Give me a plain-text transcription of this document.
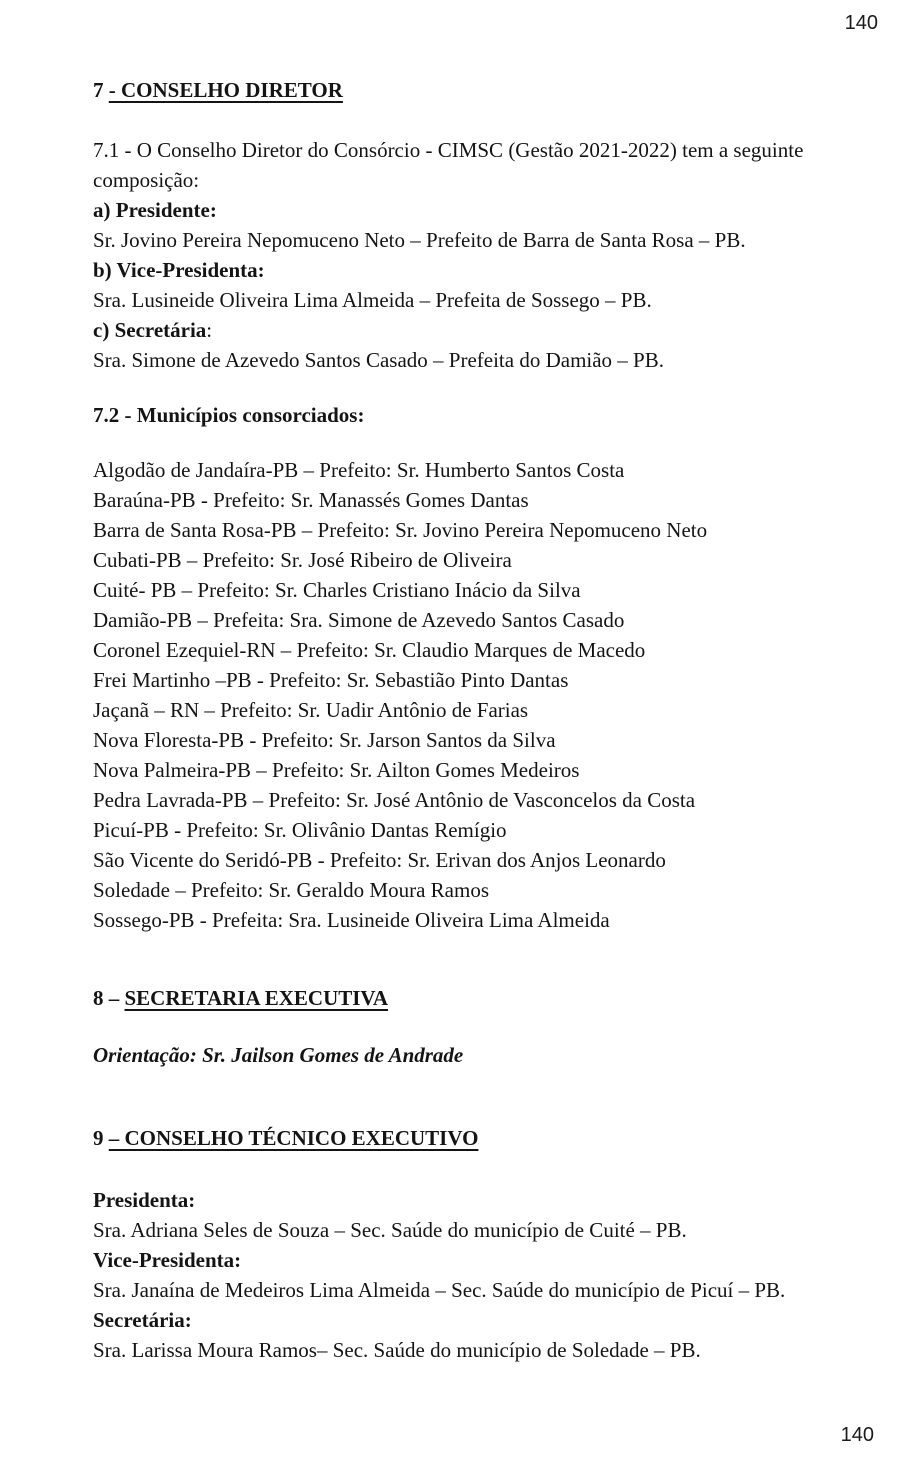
140
7 - CONSELHO DIRETOR
7.1 - O Conselho Diretor do Consórcio - CIMSC (Gestão 2021-2022) tem a seguinte
composição:
a) Presidente:
Sr. Jovino Pereira Nepomuceno Neto – Prefeito de Barra de Santa Rosa – PB.
b) Vice-Presidenta:
Sra. Lusineide Oliveira Lima Almeida – Prefeita de Sossego – PB.
c) Secretária:
Sra. Simone de Azevedo Santos Casado – Prefeita do Damião – PB.
7.2 - Municípios consorciados:
Algodão de Jandaíra-PB – Prefeito: Sr. Humberto Santos Costa
Baraúna-PB - Prefeito: Sr. Manassés Gomes Dantas
Barra de Santa Rosa-PB – Prefeito: Sr. Jovino Pereira Nepomuceno Neto
Cubati-PB – Prefeito: Sr. José Ribeiro de Oliveira
Cuité- PB – Prefeito: Sr. Charles Cristiano Inácio da Silva
Damião-PB – Prefeita: Sra. Simone de Azevedo Santos Casado
Coronel Ezequiel-RN – Prefeito: Sr. Claudio Marques de Macedo
Frei Martinho –PB - Prefeito: Sr. Sebastião Pinto Dantas
Jaçanã – RN – Prefeito: Sr. Uadir Antônio de Farias
Nova Floresta-PB - Prefeito: Sr. Jarson Santos da Silva
Nova Palmeira-PB – Prefeito: Sr. Ailton Gomes Medeiros
Pedra Lavrada-PB – Prefeito: Sr. José Antônio de Vasconcelos da Costa
Picuí-PB - Prefeito: Sr. Olivânio Dantas Remígio
São Vicente do Seridó-PB - Prefeito: Sr. Erivan dos Anjos Leonardo
Soledade – Prefeito: Sr. Geraldo Moura Ramos
Sossego-PB - Prefeita: Sra. Lusineide Oliveira Lima Almeida
8 – SECRETARIA EXECUTIVA
Orientação: Sr. Jailson Gomes de Andrade
9 – CONSELHO TÉCNICO EXECUTIVO
Presidenta:
Sra. Adriana Seles de Souza – Sec. Saúde do município de Cuité – PB.
Vice-Presidenta:
Sra. Janaína de Medeiros Lima Almeida – Sec. Saúde do município de Picuí – PB.
Secretária:
Sra. Larissa Moura Ramos– Sec. Saúde do município de Soledade – PB.
140
